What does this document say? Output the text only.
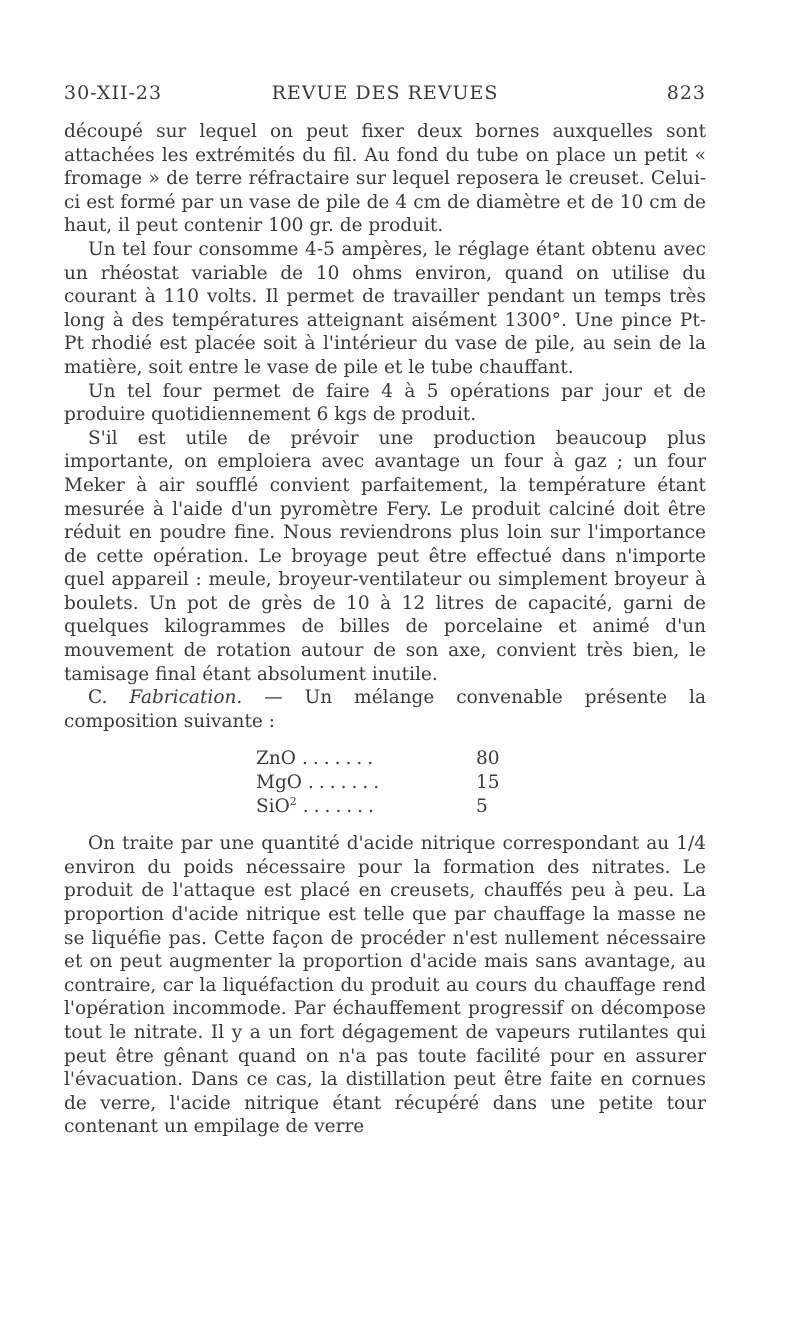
30-XII-23	REVUE DES REVUES	823

découpé sur lequel on peut fixer deux bornes auxquelles sont attachées les extrémités du fil. Au fond du tube on place un petit « fromage » de terre réfractaire sur lequel reposera le creuset. Celui-ci est formé par un vase de pile de 4 cm de diamètre et de 10 cm de haut, il peut contenir 100 gr. de produit.

Un tel four consomme 4-5 ampères, le réglage étant obtenu avec un rhéostat variable de 10 ohms environ, quand on utilise du courant à 110 volts. Il permet de travailler pendant un temps très long à des températures atteignant aisément 1300°. Une pince Pt-Pt rhodié est placée soit à l'intérieur du vase de pile, au sein de la matière, soit entre le vase de pile et le tube chauffant.

Un tel four permet de faire 4 à 5 opérations par jour et de produire quotidiennement 6 kgs de produit.

S'il est utile de prévoir une production beaucoup plus importante, on emploiera avec avantage un four à gaz ; un four Meker à air soufflé convient parfaitement, la température étant mesurée à l'aide d'un pyromètre Fery. Le produit calciné doit être réduit en poudre fine. Nous reviendrons plus loin sur l'importance de cette opération. Le broyage peut être effectué dans n'importe quel appareil : meule, broyeur-ventilateur ou simplement broyeur à boulets. Un pot de grès de 10 à 12 litres de capacité, garni de quelques kilogrammes de billes de porcelaine et animé d'un mouvement de rotation autour de son axe, convient très bien, le tamisage final étant absolument inutile.

C. Fabrication. — Un mélange convenable présente la composition suivante :

ZnO .......	80
MgO .......	15
SiO$^2$ .......	5

On traite par une quantité d'acide nitrique correspondant au 1/4 environ du poids nécessaire pour la formation des nitrates. Le produit de l'attaque est placé en creusets, chauffés peu à peu. La proportion d'acide nitrique est telle que par chauffage la masse ne se liquéfie pas. Cette façon de procéder n'est nullement nécessaire et on peut augmenter la proportion d'acide mais sans avantage, au contraire, car la liquéfaction du produit au cours du chauffage rend l'opération incommode. Par échauffement progressif on décompose tout le nitrate. Il y a un fort dégagement de vapeurs rutilantes qui peut être gênant quand on n'a pas toute facilité pour en assurer l'évacuation. Dans ce cas, la distillation peut être faite en cornues de verre, l'acide nitrique étant récupéré dans une petite tour contenant un empilage de verre
